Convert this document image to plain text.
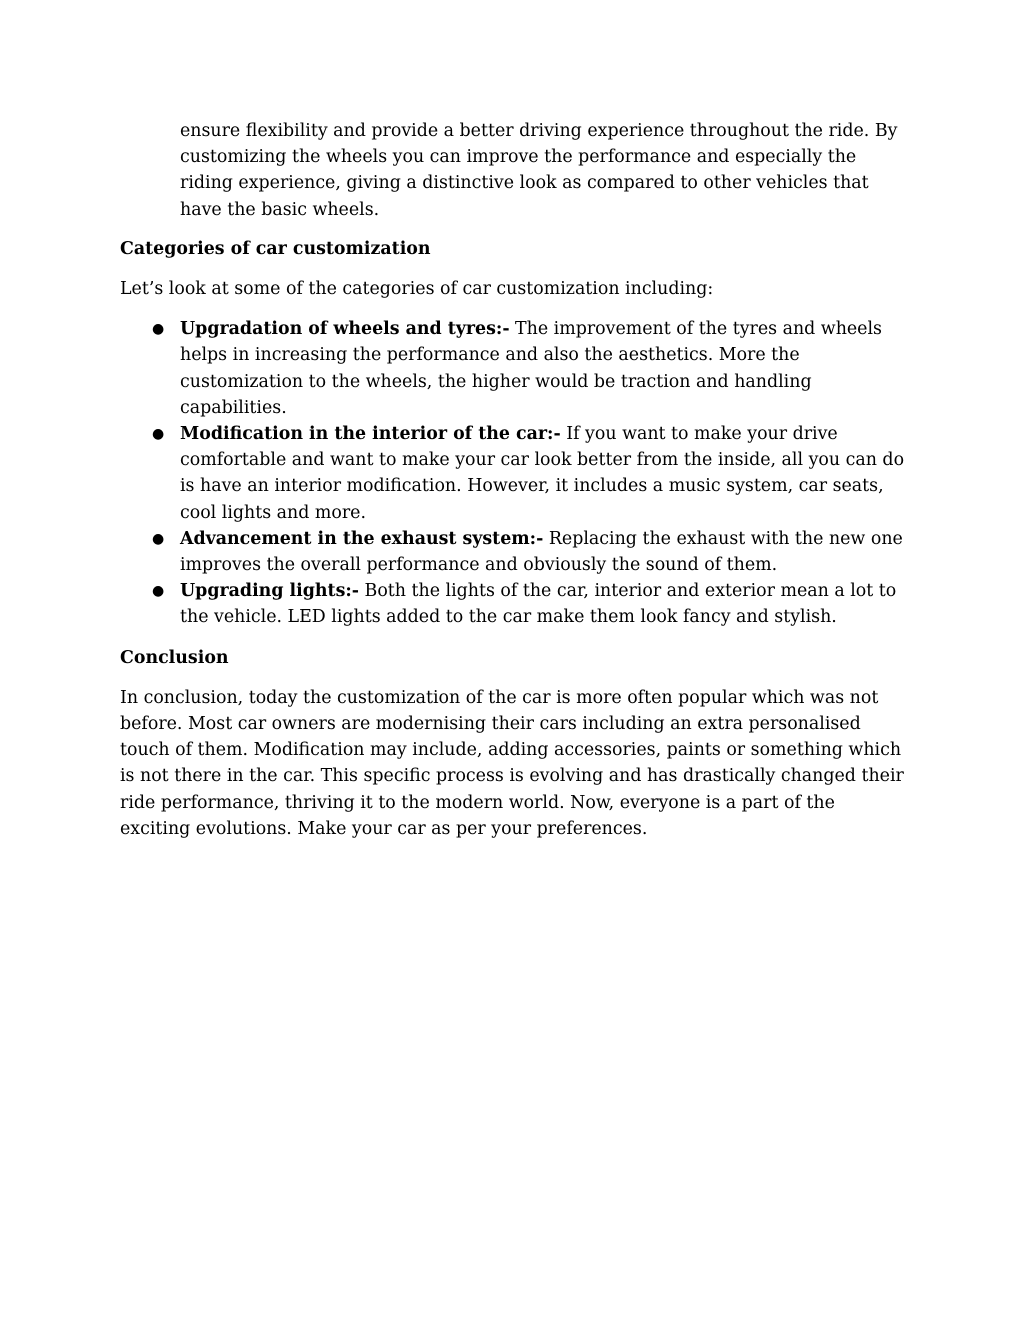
ensure flexibility and provide a better driving experience throughout the ride. By customizing the wheels you can improve the performance and especially the riding experience, giving a distinctive look as compared to other vehicles that have the basic wheels.

Categories of car customization

Let’s look at some of the categories of car customization including:

● Upgradation of wheels and tyres:- The improvement of the tyres and wheels helps in increasing the performance and also the aesthetics. More the customization to the wheels, the higher would be traction and handling capabilities.
● Modification in the interior of the car:- If you want to make your drive comfortable and want to make your car look better from the inside, all you can do is have an interior modification. However, it includes a music system, car seats, cool lights and more.
● Advancement in the exhaust system:- Replacing the exhaust with the new one improves the overall performance and obviously the sound of them.
● Upgrading lights:- Both the lights of the car, interior and exterior mean a lot to the vehicle. LED lights added to the car make them look fancy and stylish.
Conclusion

In conclusion, today the customization of the car is more often popular which was not before. Most car owners are modernising their cars including an extra personalised touch of them. Modification may include, adding accessories, paints or something which is not there in the car. This specific process is evolving and has drastically changed their ride performance, thriving it to the modern world. Now, everyone is a part of the exciting evolutions. Make your car as per your preferences.
